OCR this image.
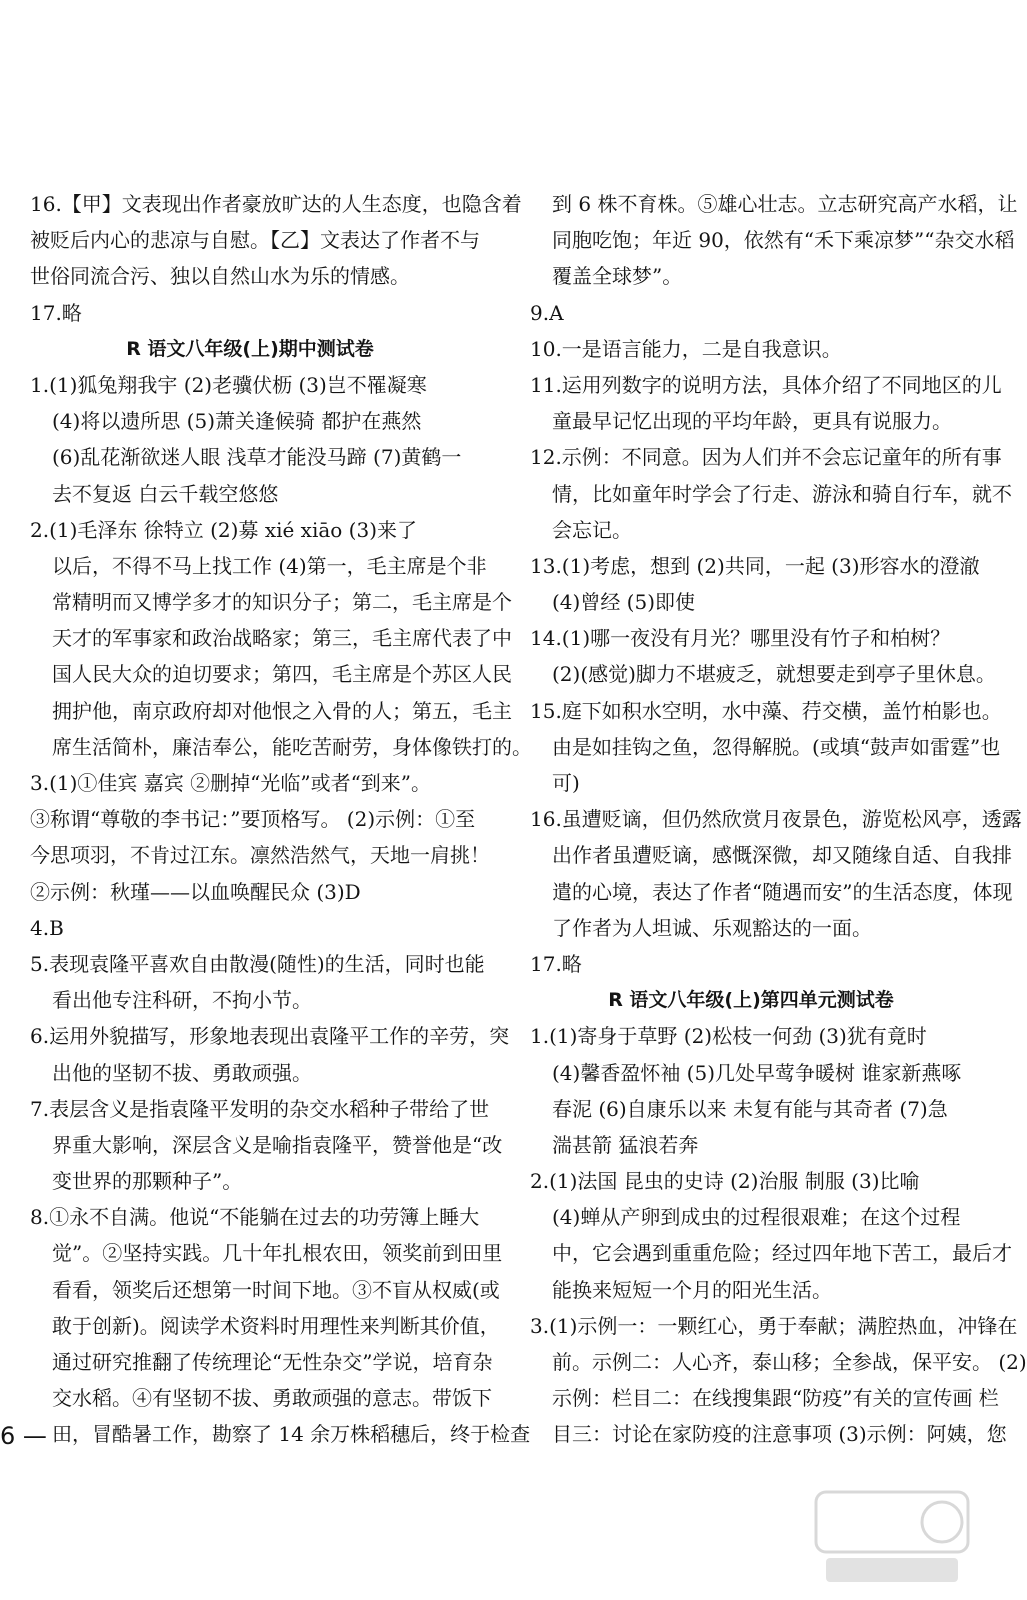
16.【甲】文表现出作者豪放旷达的人生态度，也隐含着
被贬后内心的悲凉与自慰。【乙】文表达了作者不与
世俗同流合污、独以自然山水为乐的情感。
17.略
R 语文八年级(上)期中测试卷
1.(1)狐兔翔我宇 (2)老骥伏枥 (3)岂不罹凝寒
(4)将以遗所思 (5)萧关逢候骑 都护在燕然
(6)乱花渐欲迷人眼 浅草才能没马蹄 (7)黄鹤一
去不复返 白云千载空悠悠
2.(1)毛泽东 徐特立 (2)募 xié xiāo (3)来了
以后，不得不马上找工作 (4)第一，毛主席是个非
常精明而又博学多才的知识分子；第二，毛主席是个
天才的军事家和政治战略家；第三，毛主席代表了中
国人民大众的迫切要求；第四，毛主席是个苏区人民
拥护他，南京政府却对他恨之入骨的人；第五，毛主
席生活简朴，廉洁奉公，能吃苦耐劳，身体像铁打的。
3.(1)①佳宾 嘉宾 ②删掉“光临”或者“到来”。
③称谓“尊敬的李书记：”要顶格写。 (2)示例：①至
今思项羽，不肯过江东。凛然浩然气，天地一肩挑！
②示例：秋瑾——以血唤醒民众 (3)D
4.B
5.表现袁隆平喜欢自由散漫(随性)的生活，同时也能
看出他专注科研，不拘小节。
6.运用外貌描写，形象地表现出袁隆平工作的辛劳，突
出他的坚韧不拔、勇敢顽强。
7.表层含义是指袁隆平发明的杂交水稻种子带给了世
界重大影响，深层含义是喻指袁隆平，赞誉他是“改
变世界的那颗种子”。
8.①永不自满。他说“不能躺在过去的功劳簿上睡大
觉”。②坚持实践。几十年扎根农田，领奖前到田里
看看，领奖后还想第一时间下地。③不盲从权威(或
敢于创新)。阅读学术资料时用理性来判断其价值，
通过研究推翻了传统理论“无性杂交”学说，培育杂
交水稻。④有坚韧不拔、勇敢顽强的意志。带饭下
田，冒酷暑工作，勘察了 14 余万株稻穗后，终于检查
到 6 株不育株。⑤雄心壮志。立志研究高产水稻，让
同胞吃饱；年近 90，依然有“禾下乘凉梦”“杂交水稻
覆盖全球梦”。
9.A
10.一是语言能力，二是自我意识。
11.运用列数字的说明方法，具体介绍了不同地区的儿
童最早记忆出现的平均年龄，更具有说服力。
12.示例：不同意。因为人们并不会忘记童年的所有事
情，比如童年时学会了行走、游泳和骑自行车，就不
会忘记。
13.(1)考虑，想到 (2)共同，一起 (3)形容水的澄澈
(4)曾经 (5)即使
14.(1)哪一夜没有月光？哪里没有竹子和柏树？
(2)(感觉)脚力不堪疲乏，就想要走到亭子里休息。
15.庭下如积水空明，水中藻、荇交横，盖竹柏影也。
由是如挂钩之鱼，忽得解脱。(或填“鼓声如雷霆”也
可)
16.虽遭贬谪，但仍然欣赏月夜景色，游览松风亭，透露
出作者虽遭贬谪，感慨深微，却又随缘自适、自我排
遣的心境，表达了作者“随遇而安”的生活态度，体现
了作者为人坦诚、乐观豁达的一面。
17.略
R 语文八年级(上)第四单元测试卷
1.(1)寄身于草野 (2)松枝一何劲 (3)犹有竟时
(4)馨香盈怀袖 (5)几处早莺争暖树 谁家新燕啄
春泥 (6)自康乐以来 未复有能与其奇者 (7)急
湍甚箭 猛浪若奔
2.(1)法国 昆虫的史诗 (2)治服 制服 (3)比喻
(4)蝉从产卵到成虫的过程很艰难；在这个过程
中，它会遇到重重危险；经过四年地下苦工，最后才
能换来短短一个月的阳光生活。
3.(1)示例一：一颗红心，勇于奉献；满腔热血，冲锋在
前。示例二：人心齐，泰山移；全参战，保平安。 (2)
示例：栏目二：在线搜集跟“防疫”有关的宣传画 栏
目三：讨论在家防疫的注意事项 (3)示例：阿姨，您
6 —
